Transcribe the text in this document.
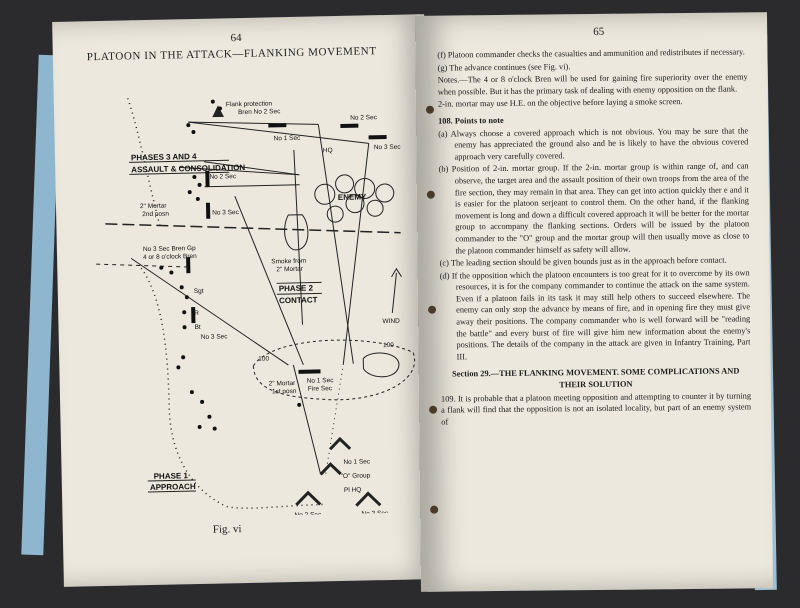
64
PLATOON IN THE ATTACK—FLANKING MOVEMENT
Flank protection
Bren No 2 Sec
No 1 Sec
No 2 Sec
No 3 Sec
HQ
PHASES 3 AND 4
ASSAULT & CONSOLIDATION
No 2 Sec
2" Mortar
2nd posn	No 3 Sec
ENEMY
No 3 Sec Bren Gp
4 or 8 o'clock Bren
Smoke from
2" Mortar
PHASE 2
CONTACT
WIND
Sgt
R
Bt
No 3 Sec
2" Mortar
1st posn
No 1 Sec
Fire Sec
100
100
No 1 Sec
"O" Group
Pl HQ
PHASE 1
APPROACH
No 2 Sec	No 3 Sec
Fig. vi
65

(f) Platoon commander checks the casualties and ammunition and redistributes if necessary.

(g) The advance continues (see Fig. vi).

Notes.—The 4 or 8 o'clock Bren will be used for gaining fire superiority over the enemy when possible. But it has the primary task of dealing with enemy opposition on the flank.

2-in. mortar may use H.E. on the objective before laying a smoke screen.

108. Points to note

(a) Always choose a covered approach which is not obvious. You may be sure that the enemy has appreciated the ground also and he is likely to have the obvious covered approach very carefully covered.

(b) Position of 2-in. mortar group. If the 2-in. mortar group is within range of, and can observe, the target area and the assault position of their own troops from the area of the fire section, they may remain in that area. They can get into action quickly ther e and it is easier for the platoon serjeant to control them. On the other hand, if the flanking movement is long and down a difficult covered approach it will be better for the mortar group to accompany the flanking sections. Orders will be issued by the platoon commander to the "O" group and the mortar group will then usually move as close to the platoon commander himself as safety will allow.

(c) The leading section should be given bounds just as in the approach before contact.

(d) If the opposition which the platoon encounters is too great for it to overcome by its own resources, it is for the company commander to continue the attack on the same system. Even if a platoon fails in its task it may still help others to succeed elsewhere. The enemy can only stop the advance by means of fire, and in opening fire they must give away their positions. The company commander who is well forward will be "reading the battle" and every burst of fire will give him new information about the enemy's positions. The details of the company in the attack are given in Infantry Training, Part III.

Section 29.—THE FLANKING MOVEMENT. SOME COMPLICATIONS AND THEIR SOLUTION

109. It is probable that a platoon meeting opposition and attempting to counter it by turning a flank will find that the opposition is not an isolated locality, but part of an enemy system of
